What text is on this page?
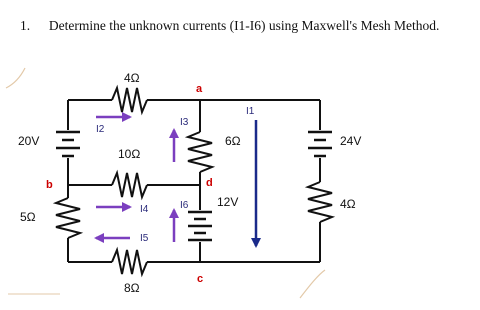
1. Determine the unknown currents (I1-I6) using Maxwell's Mesh Method.
4Ω
10Ω
8Ω
5Ω
6Ω
4Ω
20V
12V
24V
a
b
c
d
I1
I2
I3
I4
I5
I6
